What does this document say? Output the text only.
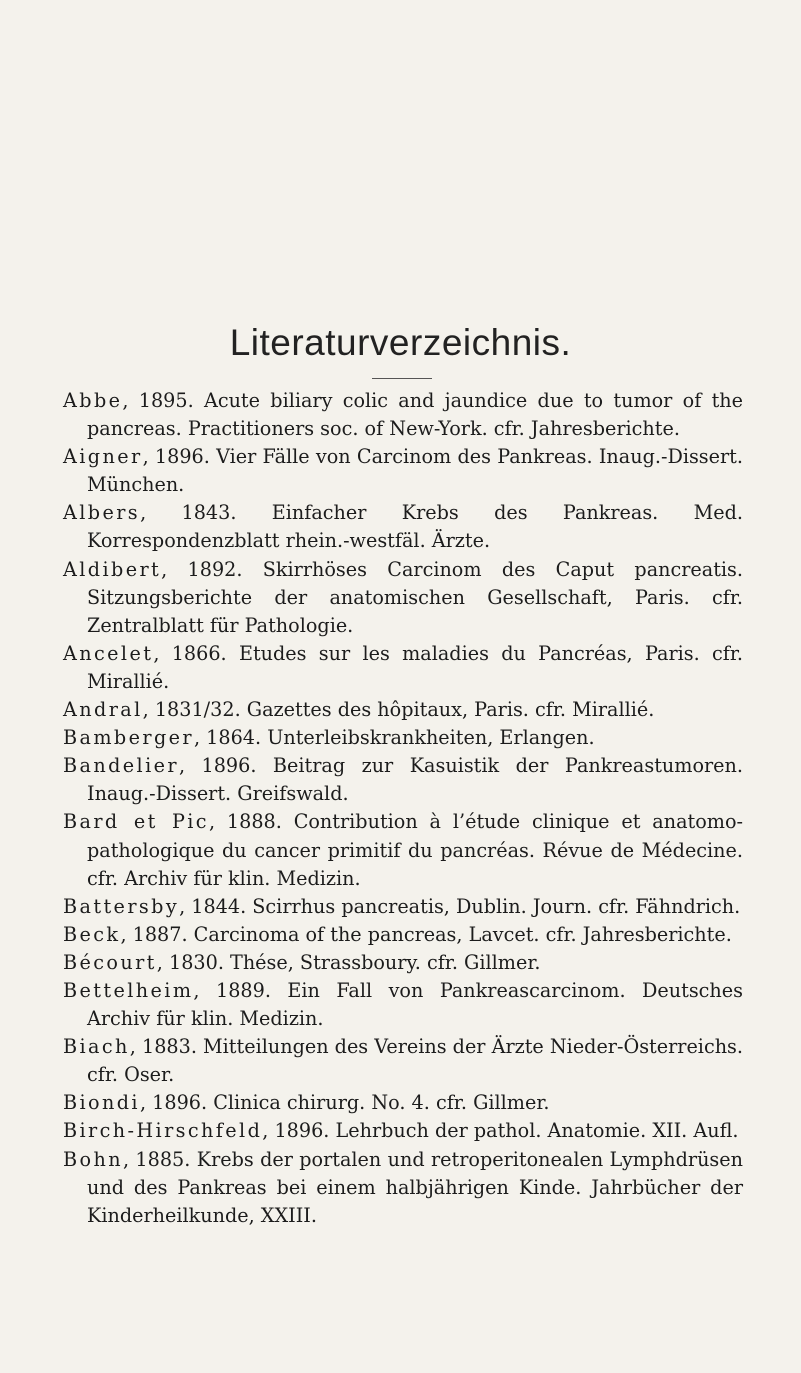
Literaturverzeichnis.
Abbe, 1895. Acute biliary colic and jaundice due to tumor of the pancreas. Practitioners soc. of New-York. cfr. Jahresberichte.
Aigner, 1896. Vier Fälle von Carcinom des Pankreas. Inaug.-Dissert. München.
Albers, 1843. Einfacher Krebs des Pankreas. Med. Korrespondenzblatt rhein.-westfäl. Ärzte.
Aldibert, 1892. Skirrhöses Carcinom des Caput pancreatis. Sitzungsberichte der anatomischen Gesellschaft, Paris. cfr. Zentralblatt für Pathologie.
Ancelet, 1866. Etudes sur les maladies du Pancréas, Paris. cfr. Mirallié.
Andral, 1831/32. Gazettes des hôpitaux, Paris. cfr. Mirallié.
Bamberger, 1864. Unterleibskrankheiten, Erlangen.
Bandelier, 1896. Beitrag zur Kasuistik der Pankreastumoren. Inaug.-Dissert. Greifswald.
Bard et Pic, 1888. Contribution à l’étude clinique et anatomo-pathologique du cancer primitif du pancréas. Révue de Médecine. cfr. Archiv für klin. Medizin.
Battersby, 1844. Scirrhus pancreatis, Dublin. Journ. cfr. Fähndrich.
Beck, 1887. Carcinoma of the pancreas, Lavcet. cfr. Jahresberichte.
Bécourt, 1830. Thése, Strassboury. cfr. Gillmer.
Bettelheim, 1889. Ein Fall von Pankreascarcinom. Deutsches Archiv für klin. Medizin.
Biach, 1883. Mitteilungen des Vereins der Ärzte Nieder-Österreichs. cfr. Oser.
Biondi, 1896. Clinica chirurg. No. 4. cfr. Gillmer.
Birch-Hirschfeld, 1896. Lehrbuch der pathol. Anatomie. XII. Aufl.
Bohn, 1885. Krebs der portalen und retroperitonealen Lymphdrüsen und des Pankreas bei einem halbjährigen Kinde. Jahrbücher der Kinderheilkunde, XXIII.
